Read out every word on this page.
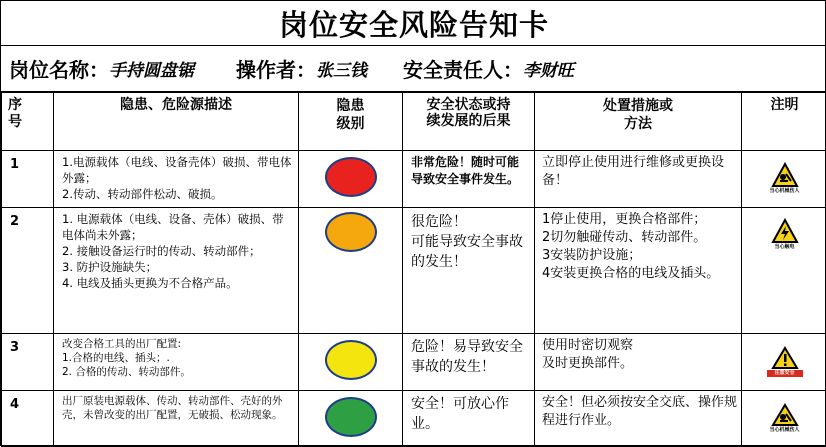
岗位安全风险告知卡
岗位名称： 手持圆盘锯 操作者： 张三钱 安全责任人： 李财旺
序号	隐患、危险源描述	隐患级别	安全状态或持续发展的后果	处置措施或方法	注明
1	1.电源载体（电线、设备壳体）破损、带电体外露；
2.传动、转动部件松动、破损。		非常危险！随时可能导致安全事件发生。	立即停止使用进行维修或更换设备！	当心机械伤人

2	1. 电源载体（电线、设备、壳体）破损、带电体尚未外露；
2. 接触设备运行时的传动、转动部件；
3. 防护设施缺失；
4. 电线及插头更换为不合格产品。		很危险！
可能导致安全事故的发生！	1停止使用，更换合格部件；
2切勿触碰传动、转动部件。
3安装防护设施；
4安装更换合格的电线及插头。	当心触电

3	改变合格工具的出厂配置:
1.合格的电线、插头；.
2. 合格的传动、转动部件。		危险！易导致安全事故的发生！	使用时密切观察
及时更换部件。	注意安全

4	出厂原装电源载体、传动、转动部件、壳好的外壳，未曾改变的出厂配置，无破损、松动现象。		安全！可放心作业。	安全！但必须按安全交底、操作规程进行作业。	当心机械伤人
